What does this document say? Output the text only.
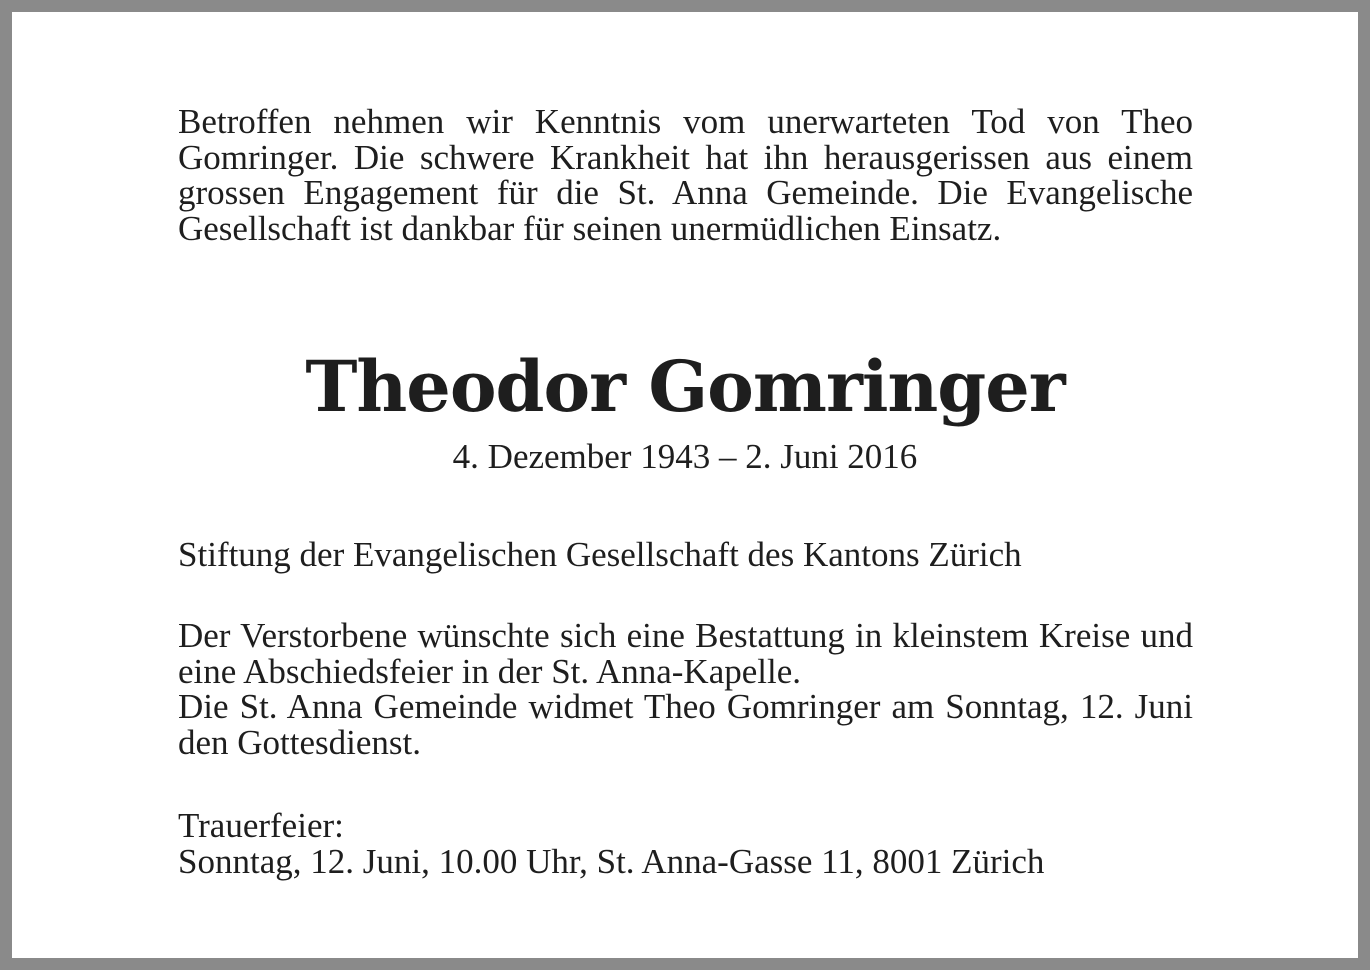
Betroffen nehmen wir Kenntnis vom unerwarteten Tod von Theo Gomringer. Die schwere Krankheit hat ihn herausgerissen aus einem grossen Engagement für die St. Anna Gemeinde. Die Evangelische Gesellschaft ist dankbar für seinen unermüdlichen Einsatz.

Theodor Gomringer

4. Dezember 1943 – 2. Juni 2016

Stiftung der Evangelischen Gesellschaft des Kantons Zürich

Der Verstorbene wünschte sich eine Bestattung in kleinstem Kreise und eine Abschiedsfeier in der St. Anna-Kapelle.
Die St. Anna Gemeinde widmet Theo Gomringer am Sonntag, 12. Juni den Gottesdienst.
Trauerfeier:
Sonntag, 12. Juni, 10.00 Uhr, St. Anna-Gasse 11, 8001 Zürich
